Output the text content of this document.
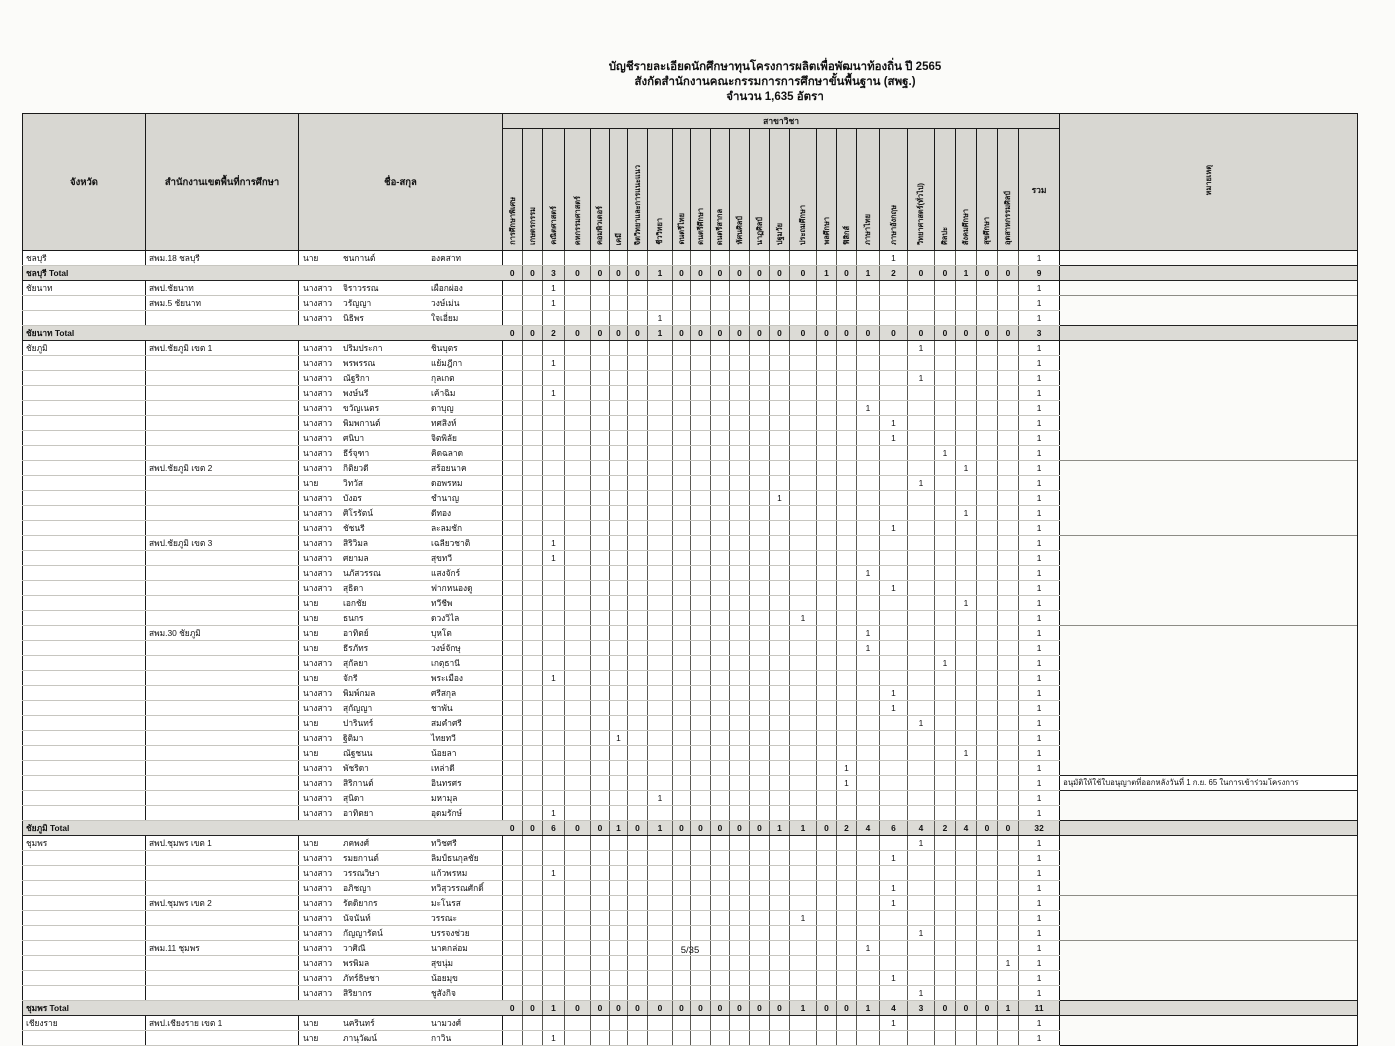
บัญชีรายละเอียดนักศึกษาทุนโครงการผลิตเพื่อพัฒนาท้องถิ่น ปี 2565
สังกัดสำนักงานคณะกรรมการการศึกษาขั้นพื้นฐาน (สพฐ.)
จำนวน 1,635 อัตรา
จังหวัด	สำนักงานเขตพื้นที่การศึกษา	ชื่อ-สกุล	สาขาวิชา																									หมายเหตุ
			การศึกษาพิเศษ	เกษตรกรรม	คณิตศาสตร์	คหกรรมศาสตร์	คอมพิวเตอร์	เคมี	จิตวิทยาและการแนะแนว	ชีววิทยา	ดนตรีไทย	ดนตรีศึกษา	ดนตรีสากล	ทัศนศิลป์	นาฏศิลป์	ปฐมวัย	ประถมศึกษา	พลศึกษา	ฟิสิกส์	ภาษาไทย	ภาษาอังกฤษ	วิทยาศาสตร์(ทั่วไป)	ศิลปะ	สังคมศึกษา	สุขศึกษา	อุตสาหกรรมศิลป์	รวม	
ชลบุรี	สพม.18 ชลบุรี	นาย ชนกานต์ องคสาท																			1						1	
ชลบุรี Total			0	0	3	0	0	0	0	1	0	0	0	0	0	0	0	1	0	1	2	0	0	1	0	0	9	
ชัยนาท	สพป.ชัยนาท	นางสาว จิราวรรณ เผือกผ่อง			1																						1	
	สพม.5 ชัยนาท	นางสาว วรัญญา วงษ์เม่น			1																						1	
		นางสาว นิธิพร ใจเอี่ยม								1																	1	
ชัยนาท Total			0	0	2	0	0	0	0	1	0	0	0	0	0	0	0	0	0	0	0	0	0	0	0	0	3	
ชัยภูมิ	สพป.ชัยภูมิ เขต 1	นางสาว ปริมประกา ชินบุตร																				1					1	
		นางสาว พรพรรณ แย้มฎีกา			1																						1	
		นางสาว ณัฐริกา กุลเกต																				1					1	
		นางสาว พงษ์นรี เค้าฉิม			1																						1	
		นางสาว ขวัญเนตร ดาบุญ																		1							1	
		นางสาว พิมพกานต์ ทศสิงห์																			1						1	
		นางสาว ศนิบา จิตพิลัย																			1						1	
		นางสาว ธีร์จุฑา คิดฉลาด																					1				1	
	สพป.ชัยภูมิ เขต 2	นางสาว กิติยวดี สร้อยนาค																						1			1	
		นาย วิทวัส ดอพรหม																				1					1	
		นางสาว บังอร ชำนาญ														1											1	
		นางสาว ศิโรรัตน์ ดีทอง																						1			1	
		นางสาว ชัชนรี ละลมชัก																			1						1	
	สพป.ชัยภูมิ เขต 3	นางสาว สิริวิมล เฉลียวชาติ			1																						1	
		นางสาว ศยามล สุขทวี			1																						1	
		นางสาว นภัสวรรณ แสงจักร์																		1							1	
		นางสาว สุธิดา ฟากหนองดู																			1						1	
		นาย เอกชัย ทวีชีพ																						1			1	
		นาย ธนกร ดวงวิไล															1										1	
	สพม.30 ชัยภูมิ	นาย อาทิตย์ บุหโต																		1							1	
		นาย ธีรภัทร วงษ์จักษุ																		1							1	
		นางสาว สุกัลยา เกตุธานี																					1				1	
		นาย จักรี พระเมือง			1																						1	
		นางสาว พิมพ์กมล ศรีสกุล																			1						1	
		นางสาว สุกัญญา ชาพัน																			1						1	
		นาย ปารินทร์ สมคำศรี																				1					1	
		นางสาว ฐิติมา ไทยทวี						1																			1	
		นาย ณัฐชนน น้อยลา																						1			1	
		นางสาว พัชริดา เหล่าดี																	1								1	
		นางสาว สิริกานต์ อินทรศร																	1								1	อนุมัติให้ใช้ใบอนุญาตที่ออกหลังวันที่ 1 ก.ย. 65 ในการเข้าร่วมโครงการ
		นางสาว สุนิดา มหามุล								1																	1	
		นางสาว อาทิตยา อุดมรักษ์			1																						1	
ชัยภูมิ Total			0	0	6	0	0	1	0	1	0	0	0	0	0	1	1	0	2	4	6	4	2	4	0	0	32	
ชุมพร	สพป.ชุมพร เขต 1	นาย ภคพงศ์ ทวิชศรี																				1					1	
		นางสาว รมยกานต์ ลิมป์ธนกุลชัย																			1						1	
		นางสาว วรรณวิษา แก้วพรหม			1																						1	
		นางสาว อภิชญา ทวิสุวรรณศักดิ์																			1						1	
	สพป.ชุมพร เขต 2	นางสาว รัดดิยากร มะโนรส																			1						1	
		นางสาว นัจนันท์ วรรณะ															1										1	
		นางสาว กัญญารัตน์ บรรจงช่วย																				1					1	
	สพม.11 ชุมพร	นางสาว วาศิณี นาคกล่อม																		1							1	
		นางสาว พรพิมล สุขนุ่ม																								1	1	
		นางสาว ภัทร์ธิษชา น้อยมุข																			1						1	
		นางสาว สิริยากร ชูสังกิจ																				1					1	
ชุมพร Total			0	0	1	0	0	0	0	0	0	0	0	0	0	0	1	0	0	1	4	3	0	0	0	1	11	
เชียงราย	สพป.เชียงราย เขต 1	นาย นครินทร์ นามวงศ์																			1						1	
		นาย ภานุวัฒน์ กาวิน			1																						1	
5/35
